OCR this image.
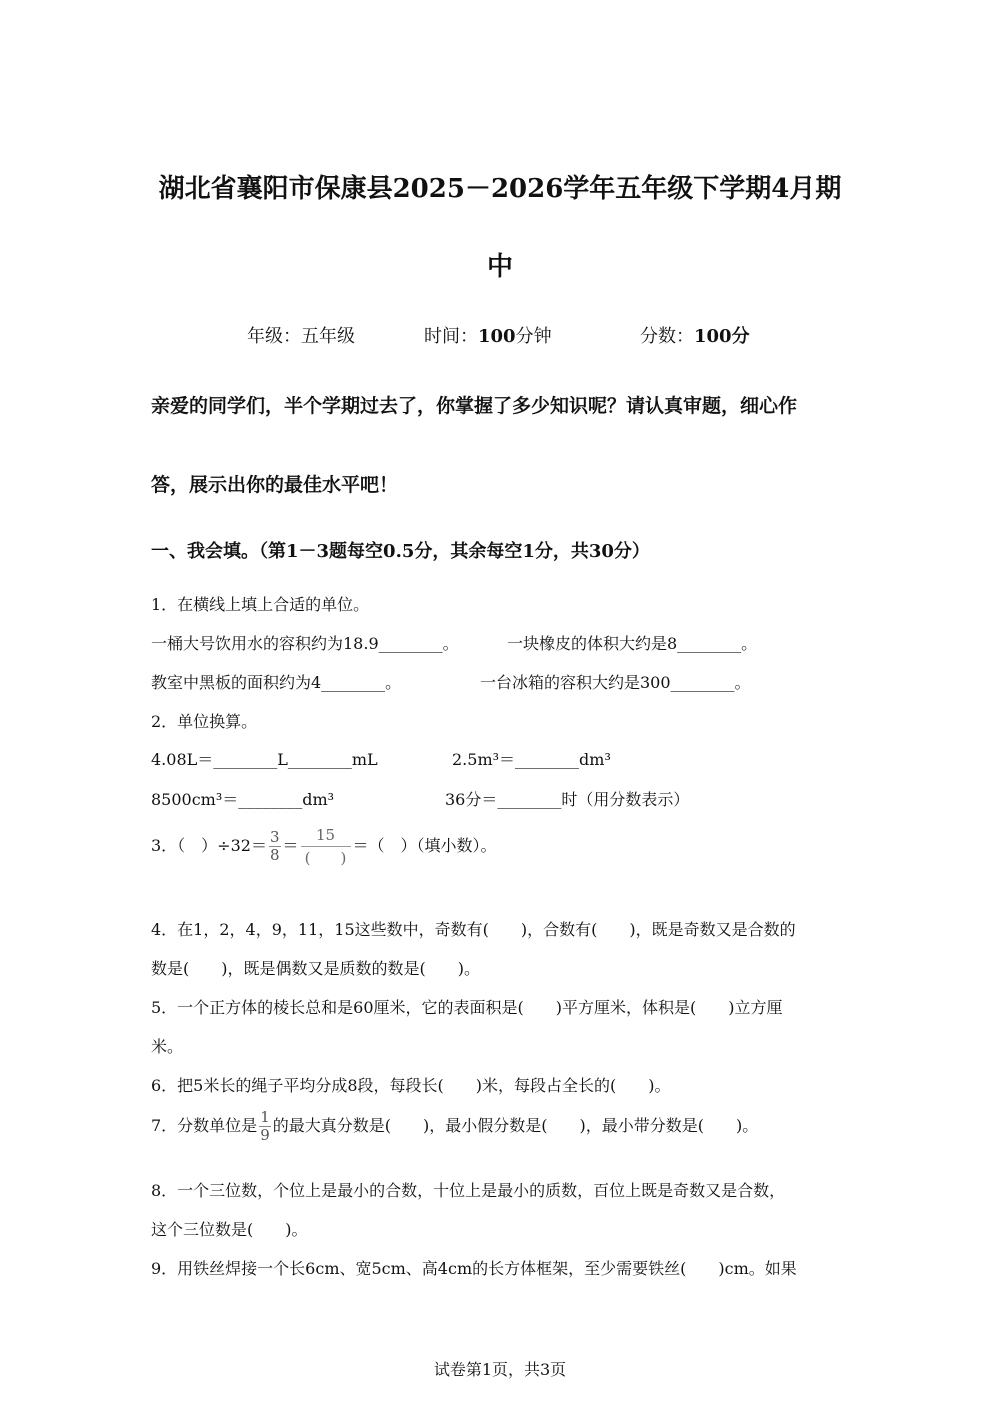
湖北省襄阳市保康县2025－2026学年五年级下学期4月期
中
年级：五年级	时间：100分钟	分数：100分
亲爱的同学们，半个学期过去了，你掌握了多少知识呢？请认真审题，细心作
答，展示出你的最佳水平吧！
一、我会填。（第1－3题每空0.5分，其余每空1分，共30分）
1．在横线上填上合适的单位。
一桶大号饮用水的容积约为18.9________。	一块橡皮的体积大约是8________。
教室中黑板的面积约为4________。	一台冰箱的容积大约是300________。
2．单位换算。
4.08L＝________L________mL	2.5m³＝________dm³
8500cm³＝________dm³	36分＝________时（用分数表示）
3．（　）$\div 32= \frac{3}{8} = \frac{15}{( )}$ ＝（　）（填小数）。
4．在1，2，4，9，11，15这些数中，奇数有(　　)，合数有(　　)，既是奇数又是合数的
数是(　　)，既是偶数又是质数的数是(　　)。
5．一个正方体的棱长总和是60厘米，它的表面积是(　　)平方厘米，体积是(　　)立方厘
米。
6．把5米长的绳子平均分成8段，每段长(　　)米，每段占全长的(　　)。
7．分数单位是 $\frac{1}{9}$ 的最大真分数是(　　)，最小假分数是(　　)，最小带分数是(　　)。
8．一个三位数，个位上是最小的合数，十位上是最小的质数，百位上既是奇数又是合数，
这个三位数是(　　)。
9．用铁丝焊接一个长6cm、宽5cm、高4cm的长方体框架，至少需要铁丝(　　)cm。如果
试卷第1页，共3页
